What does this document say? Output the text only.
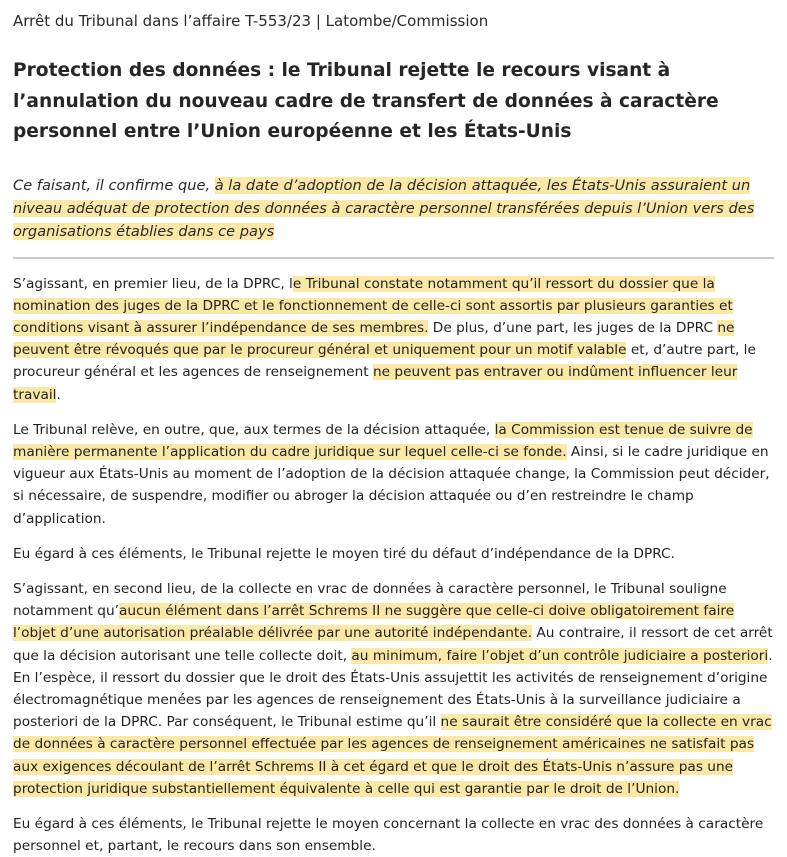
Arrêt du Tribunal dans l’affaire T-553/23 | Latombe/Commission
Protection des données : le Tribunal rejette le recours visant à l’annulation du nouveau cadre de transfert de données à caractère personnel entre l’Union européenne et les États-Unis

Ce faisant, il confirme que, à la date d’adoption de la décision attaquée, les États-Unis assuraient un niveau adéquat de protection des données à caractère personnel transférées depuis l’Union vers des organisations établies dans ce pays

S’agissant, en premier lieu, de la DPRC, le Tribunal constate notamment qu’il ressort du dossier que la nomination des juges de la DPRC et le fonctionnement de celle-ci sont assortis par plusieurs garanties et conditions visant à assurer l’indépendance de ses membres. De plus, d’une part, les juges de la DPRC ne peuvent être révoqués que par le procureur général et uniquement pour un motif valable et, d’autre part, le procureur général et les agences de renseignement ne peuvent pas entraver ou indûment influencer leur travail.

Le Tribunal relève, en outre, que, aux termes de la décision attaquée, la Commission est tenue de suivre de manière permanente l’application du cadre juridique sur lequel celle-ci se fonde. Ainsi, si le cadre juridique en vigueur aux États-Unis au moment de l’adoption de la décision attaquée change, la Commission peut décider, si nécessaire, de suspendre, modifier ou abroger la décision attaquée ou d’en restreindre le champ d’application.

Eu égard à ces éléments, le Tribunal rejette le moyen tiré du défaut d’indépendance de la DPRC.

S’agissant, en second lieu, de la collecte en vrac de données à caractère personnel, le Tribunal souligne notamment qu’aucun élément dans l’arrêt Schrems II ne suggère que celle-ci doive obligatoirement faire l’objet d’une autorisation préalable délivrée par une autorité indépendante. Au contraire, il ressort de cet arrêt que la décision autorisant une telle collecte doit, au minimum, faire l’objet d’un contrôle judiciaire a posteriori. En l’espèce, il ressort du dossier que le droit des États-Unis assujettit les activités de renseignement d’origine électromagnétique menées par les agences de renseignement des États-Unis à la surveillance judiciaire a posteriori de la DPRC. Par conséquent, le Tribunal estime qu’il ne saurait être considéré que la collecte en vrac de données à caractère personnel effectuée par les agences de renseignement américaines ne satisfait pas aux exigences découlant de l’arrêt Schrems II à cet égard et que le droit des États-Unis n’assure pas une protection juridique substantiellement équivalente à celle qui est garantie par le droit de l’Union.

Eu égard à ces éléments, le Tribunal rejette le moyen concernant la collecte en vrac des données à caractère personnel et, partant, le recours dans son ensemble.
